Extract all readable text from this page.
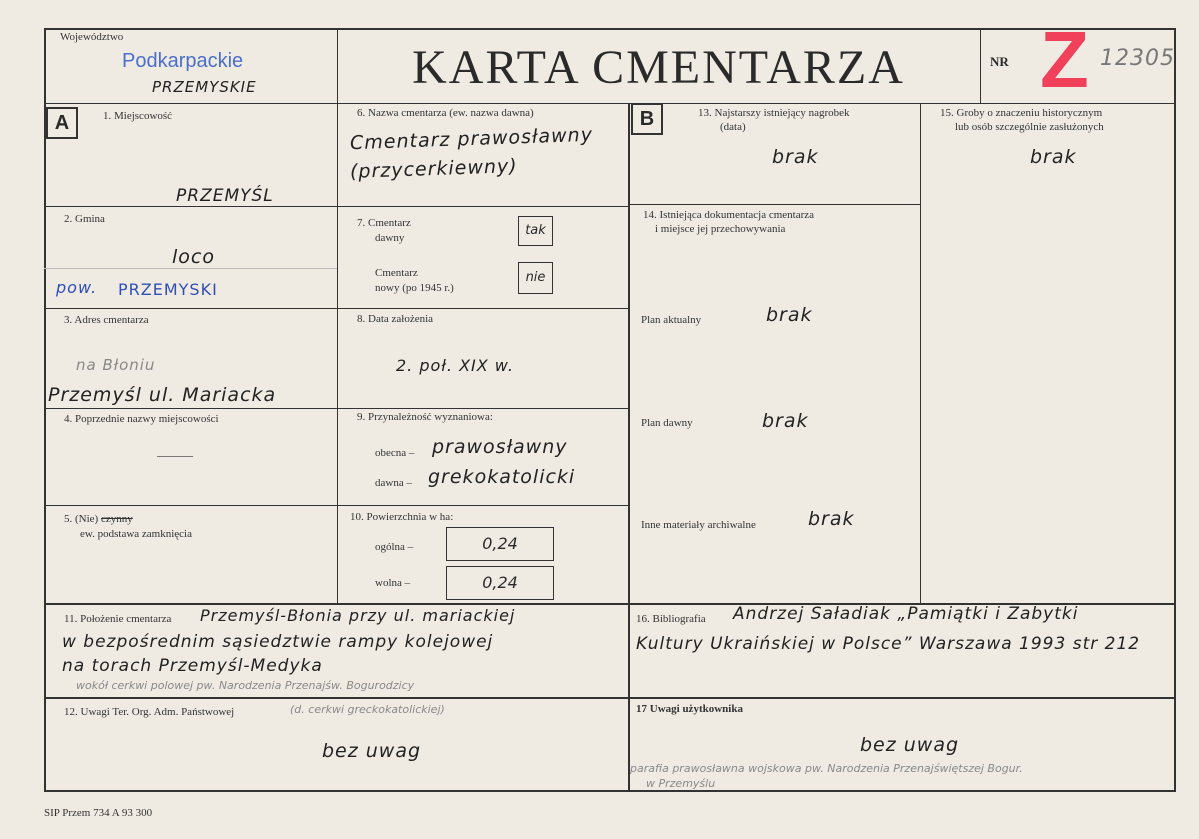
Województwo
Podkarpackie
PRZEMYSKIE	KARTA CMENTARZA	NR Z 12305
A	B
1. Miejscowość
PRZEMYŚL
2. Gmina
loco
pow. PRZEMYSKI
3. Adres cmentarza
na Błoniu
Przemyśl ul. Mariacka
4. Poprzednie nazwy miejscowości
———
5. (Nie) czynny
ew. podstawa zamknięcia
6. Nazwa cmentarza (ew. nazwa dawna)
Cmentarz prawosławny
(przycerkiewny)
7. Cmentarz
dawny	tak
Cmentarz
nowy (po 1945 r.)
nie
8. Data założenia
2. poł. XIX w.
9. Przynależność wyznaniowa:
obecna – prawosławny
dawna – grekokatolicki
10. Powierzchnia w ha:
ogólna –	0,24
wolna –	0,24
11. Położenie cmentarza Przemyśl-Błonia przy ul. mariackiej
w bezpośrednim sąsiedztwie rampy kolejowej
na torach Przemyśl-Medyka
wokół cerkwi polowej pw. Narodzenia Przenajśw. Bogurodzicy
12. Uwagi Ter. Org. Adm. Państwowej	(d. cerkwi greckokatolickiej)
bez uwag
13. Najstarszy istniejący nagrobek
(data)
brak
15. Groby o znaczeniu historycznym
lub osób szczególnie zasłużonych
brak
14. Istniejąca dokumentacja cmentarza
i miejsce jej przechowywania
Plan aktualny	brak
Plan dawny	brak
Inne materiały archiwalne	brak
16. Bibliografia Andrzej Saładiak „Pamiątki i Zabytki
Kultury Ukraińskiej w Polsce” Warszawa 1993 str 212
17 Uwagi użytkownika
bez uwag
parafia prawosławna wojskowa pw. Narodzenia Przenajświętszej Bogur.
w Przemyślu
SIP Przem 734 A 93 300
